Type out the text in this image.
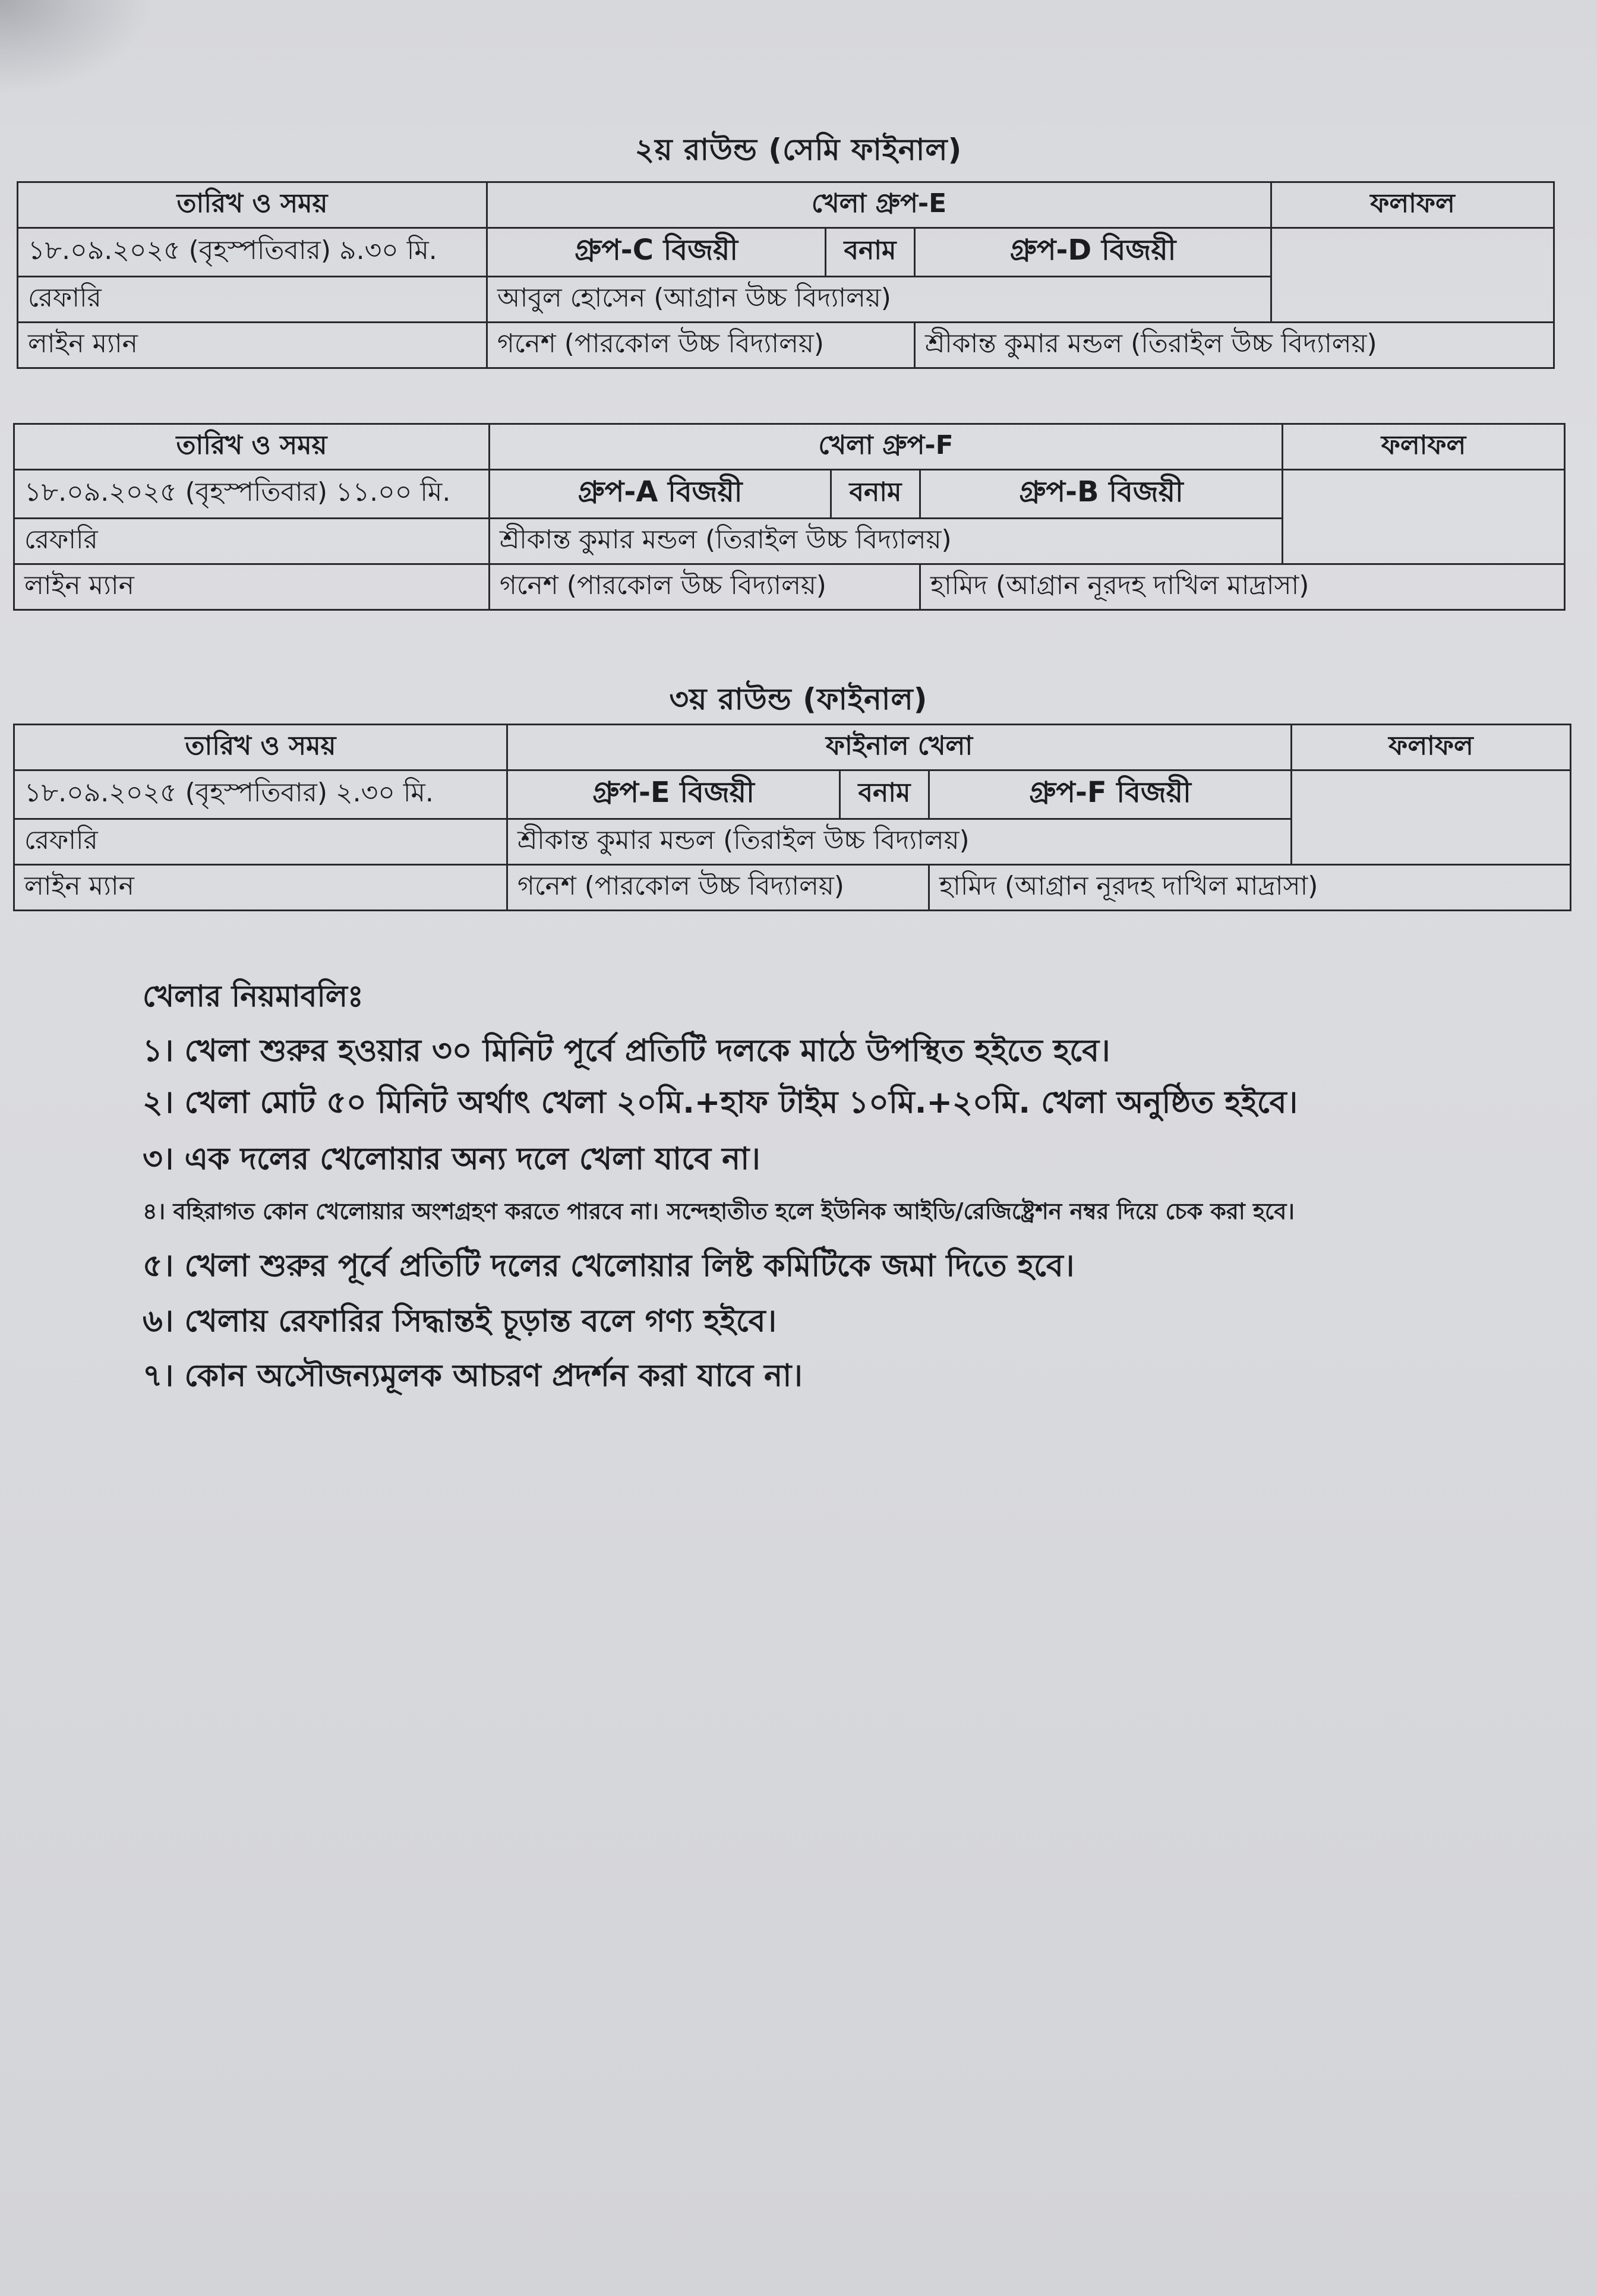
২য় রাউন্ড (সেমি ফাইনাল)
তারিখ ও সময়	খেলা গ্রুপ-E			ফলাফল
১৮.০৯.২০২৫ (বৃহস্পতিবার) ৯.৩০ মি.	গ্রুপ-C বিজয়ী	বনাম	গ্রুপ-D বিজয়ী	
রেফারি	আবুল হোসেন (আগ্রান উচ্চ বিদ্যালয়)			
লাইন ম্যান	গনেশ (পারকোল উচ্চ বিদ্যালয়)		শ্রীকান্ত কুমার মন্ডল (তিরাইল উচ্চ বিদ্যালয়)	
তারিখ ও সময়	খেলা গ্রুপ-F			ফলাফল
১৮.০৯.২০২৫ (বৃহস্পতিবার) ১১.০০ মি.	গ্রুপ-A বিজয়ী	বনাম	গ্রুপ-B বিজয়ী	
রেফারি	শ্রীকান্ত কুমার মন্ডল (তিরাইল উচ্চ বিদ্যালয়)			
লাইন ম্যান	গনেশ (পারকোল উচ্চ বিদ্যালয়)		হামিদ (আগ্রান নূরদহ দাখিল মাদ্রাসা)	
৩য় রাউন্ড (ফাইনাল)
তারিখ ও সময়	ফাইনাল খেলা			ফলাফল
১৮.০৯.২০২৫ (বৃহস্পতিবার) ২.৩০ মি.	গ্রুপ-E বিজয়ী	বনাম	গ্রুপ-F বিজয়ী	
রেফারি	শ্রীকান্ত কুমার মন্ডল (তিরাইল উচ্চ বিদ্যালয়)			
লাইন ম্যান	গনেশ (পারকোল উচ্চ বিদ্যালয়)		হামিদ (আগ্রান নূরদহ দাখিল মাদ্রাসা)	
খেলার নিয়মাবলিঃ
১। খেলা শুরুর হওয়ার ৩০ মিনিট পূর্বে প্রতিটি দলকে মাঠে উপস্থিত হইতে হবে।
২। খেলা মোট ৫০ মিনিট অর্থাৎ খেলা ২০মি.+হাফ টাইম ১০মি.+২০মি. খেলা অনুষ্ঠিত হইবে।
৩। এক দলের খেলোয়ার অন্য দলে খেলা যাবে না।
৪। বহিরাগত কোন খেলোয়ার অংশগ্রহণ করতে পারবে না। সন্দেহাতীত হলে ইউনিক আইডি/রেজিষ্ট্রেশন নম্বর দিয়ে চেক করা হবে।
৫। খেলা শুরুর পূর্বে প্রতিটি দলের খেলোয়ার লিষ্ট কমিটিকে জমা দিতে হবে।
৬। খেলায় রেফারির সিদ্ধান্তই চূড়ান্ত বলে গণ্য হইবে।
৭। কোন অসৌজন্যমূলক আচরণ প্রদর্শন করা যাবে না।
